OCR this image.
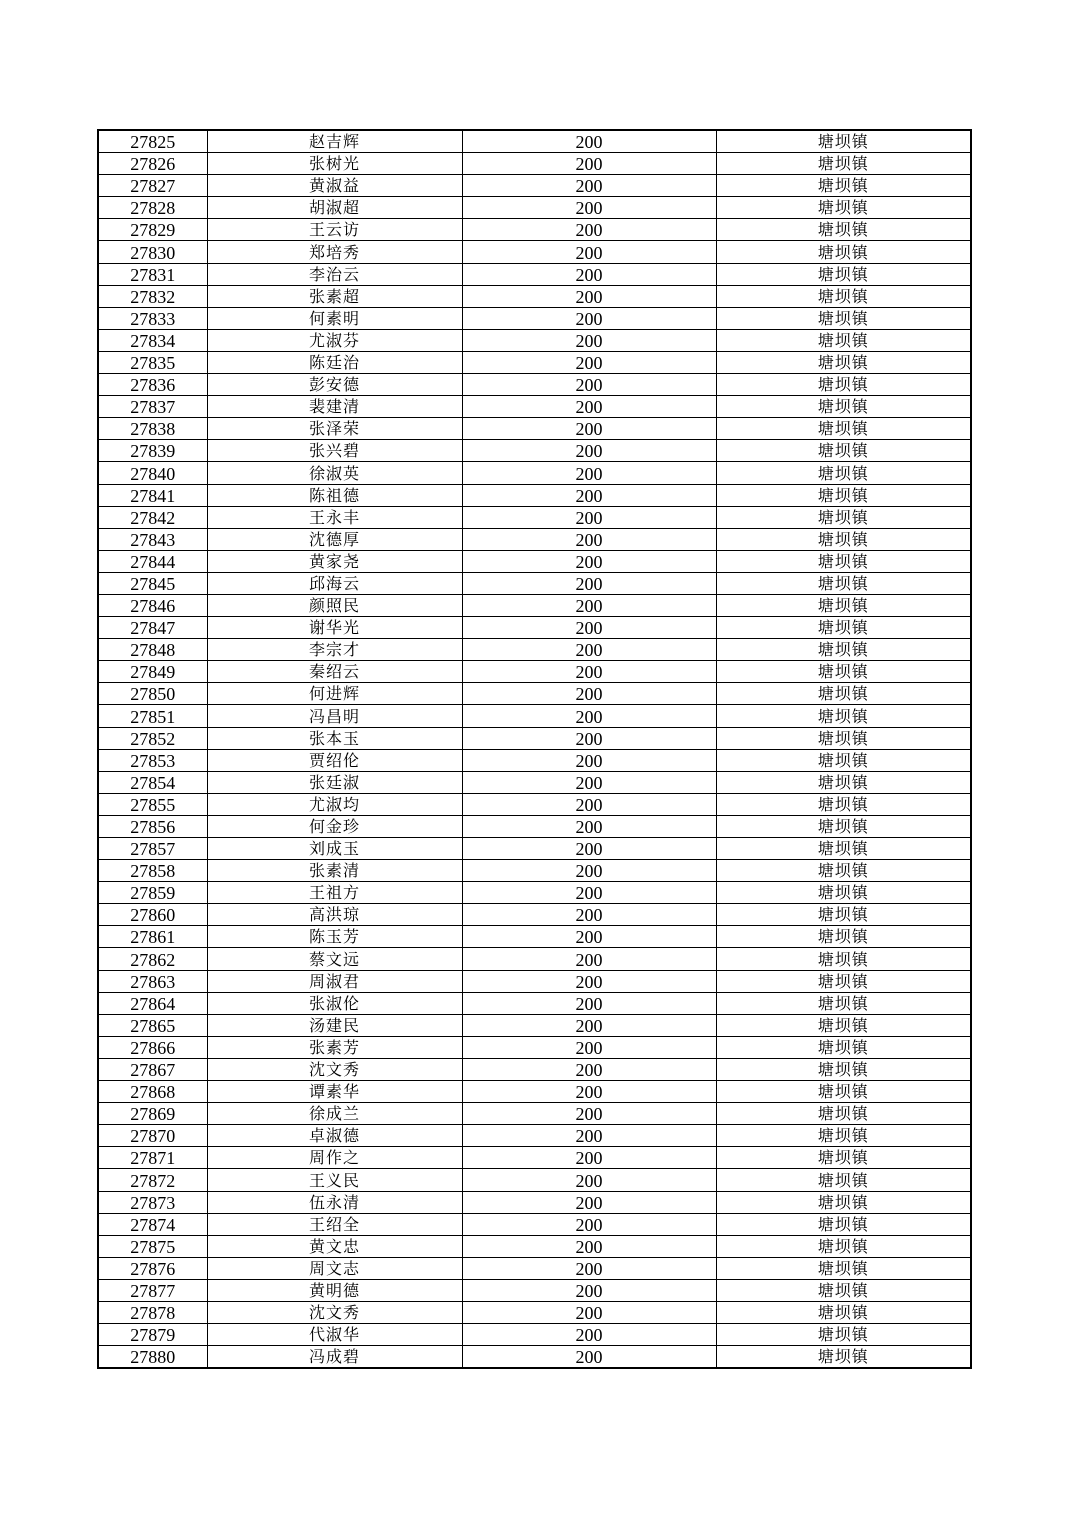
27825	赵吉辉	200	塘坝镇
27826	张树光	200	塘坝镇
27827	黄淑益	200	塘坝镇
27828	胡淑超	200	塘坝镇
27829	王云访	200	塘坝镇
27830	郑培秀	200	塘坝镇
27831	李治云	200	塘坝镇
27832	张素超	200	塘坝镇
27833	何素明	200	塘坝镇
27834	尤淑芬	200	塘坝镇
27835	陈廷治	200	塘坝镇
27836	彭安德	200	塘坝镇
27837	裴建清	200	塘坝镇
27838	张泽荣	200	塘坝镇
27839	张兴碧	200	塘坝镇
27840	徐淑英	200	塘坝镇
27841	陈祖德	200	塘坝镇
27842	王永丰	200	塘坝镇
27843	沈德厚	200	塘坝镇
27844	黄家尧	200	塘坝镇
27845	邱海云	200	塘坝镇
27846	颜照民	200	塘坝镇
27847	谢华光	200	塘坝镇
27848	李宗才	200	塘坝镇
27849	秦绍云	200	塘坝镇
27850	何进辉	200	塘坝镇
27851	冯昌明	200	塘坝镇
27852	张本玉	200	塘坝镇
27853	贾绍伦	200	塘坝镇
27854	张廷淑	200	塘坝镇
27855	尤淑均	200	塘坝镇
27856	何金珍	200	塘坝镇
27857	刘成玉	200	塘坝镇
27858	张素清	200	塘坝镇
27859	王祖方	200	塘坝镇
27860	高洪琼	200	塘坝镇
27861	陈玉芳	200	塘坝镇
27862	蔡文远	200	塘坝镇
27863	周淑君	200	塘坝镇
27864	张淑伦	200	塘坝镇
27865	汤建民	200	塘坝镇
27866	张素芳	200	塘坝镇
27867	沈文秀	200	塘坝镇
27868	谭素华	200	塘坝镇
27869	徐成兰	200	塘坝镇
27870	卓淑德	200	塘坝镇
27871	周作之	200	塘坝镇
27872	王义民	200	塘坝镇
27873	伍永清	200	塘坝镇
27874	王绍全	200	塘坝镇
27875	黄文忠	200	塘坝镇
27876	周文志	200	塘坝镇
27877	黄明德	200	塘坝镇
27878	沈文秀	200	塘坝镇
27879	代淑华	200	塘坝镇
27880	冯成碧	200	塘坝镇
